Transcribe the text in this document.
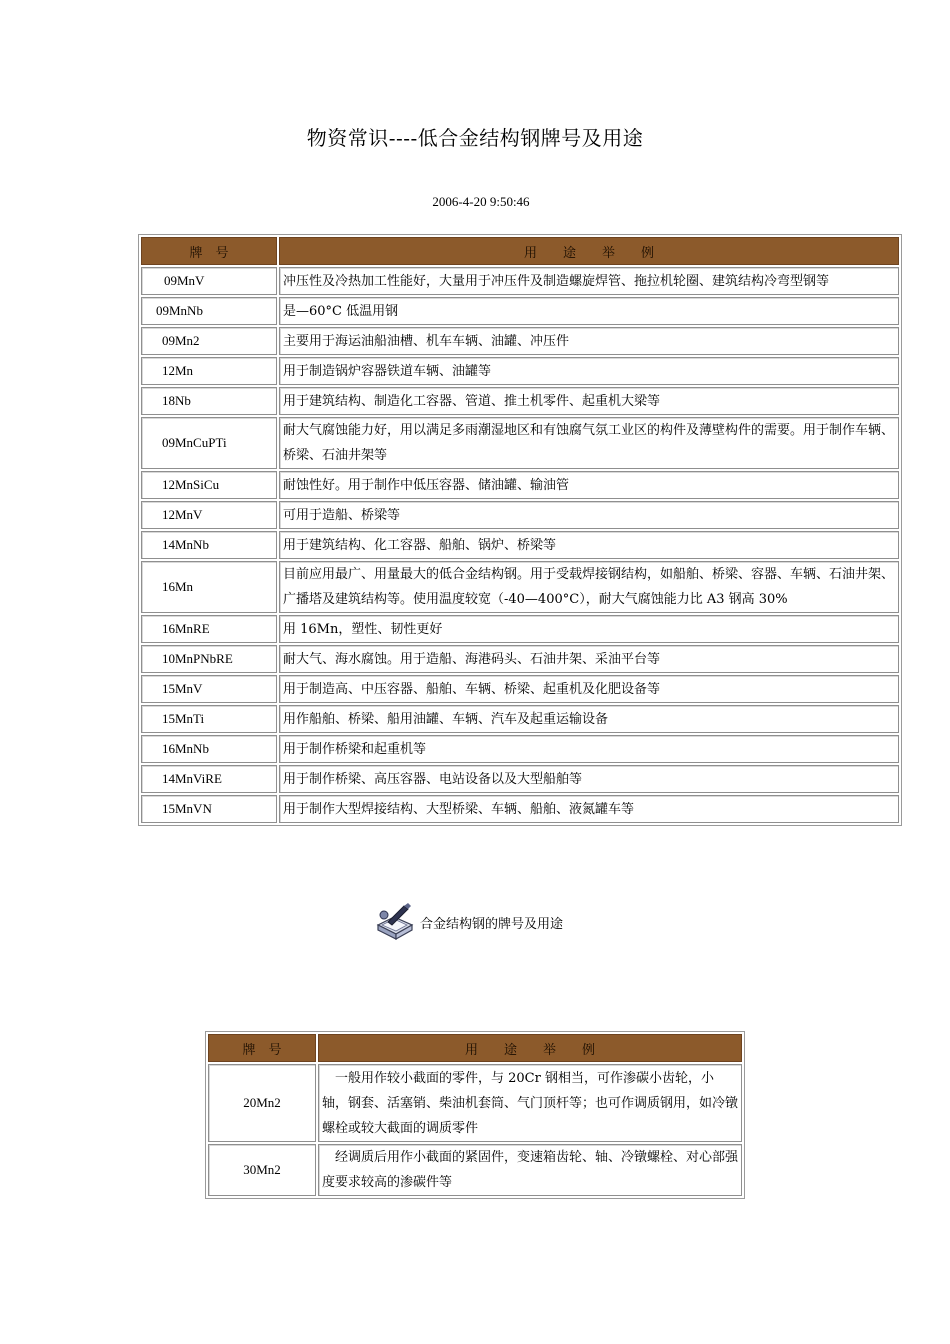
物资常识----低合金结构钢牌号及用途
2006-4-20 9:50:46
牌　号	用　　途　　举　　例
09MnV	冲压性及冷热加工性能好，大量用于冲压件及制造螺旋焊管、拖拉机轮圈、建筑结构冷弯型钢等
09MnNb	是—60°C 低温用钢
09Mn2	主要用于海运油船油槽、机车车辆、油罐、冲压件
12Mn	用于制造锅炉容器铁道车辆、油罐等
18Nb	用于建筑结构、制造化工容器、管道、推土机零件、起重机大梁等
09MnCuPTi	耐大气腐蚀能力好，用以满足多雨潮湿地区和有蚀腐气氛工业区的构件及薄壁构件的需要。用于制作车辆、桥梁、石油井架等
12MnSiCu	耐蚀性好。用于制作中低压容器、储油罐、输油管
12MnV	可用于造船、桥梁等
14MnNb	用于建筑结构、化工容器、船舶、锅炉、桥梁等
16Mn	目前应用最广、用量最大的低合金结构钢。用于受载焊接钢结构，如船舶、桥梁、容器、车辆、石油井架、广播塔及建筑结构等。使用温度较宽（-40—400°C），耐大气腐蚀能力比 A3 钢高 30%
16MnRE	用 16Mn，塑性、韧性更好
10MnPNbRE	耐大气、海水腐蚀。用于造船、海港码头、石油井架、采油平台等
15MnV	用于制造高、中压容器、船舶、车辆、桥梁、起重机及化肥设备等
15MnTi	用作船舶、桥梁、船用油罐、车辆、汽车及起重运输设备
16MnNb	用于制作桥梁和起重机等
14MnViRE	用于制作桥梁、高压容器、电站设备以及大型船舶等
15MnVN	用于制作大型焊接结构、大型桥梁、车辆、船舶、液氮罐车等
合金结构钢的牌号及用途
牌　号	用　　途　　举　　例
20Mn2	一般用作较小截面的零件，与 20Cr 钢相当，可作渗碳小齿轮，小轴，钢套、活塞销、柴油机套筒、气门顶杆等；也可作调质钢用，如冷镦螺栓或较大截面的调质零件
30Mn2	经调质后用作小截面的紧固件，变速箱齿轮、轴、冷镦螺栓、对心部强度要求较高的渗碳件等
